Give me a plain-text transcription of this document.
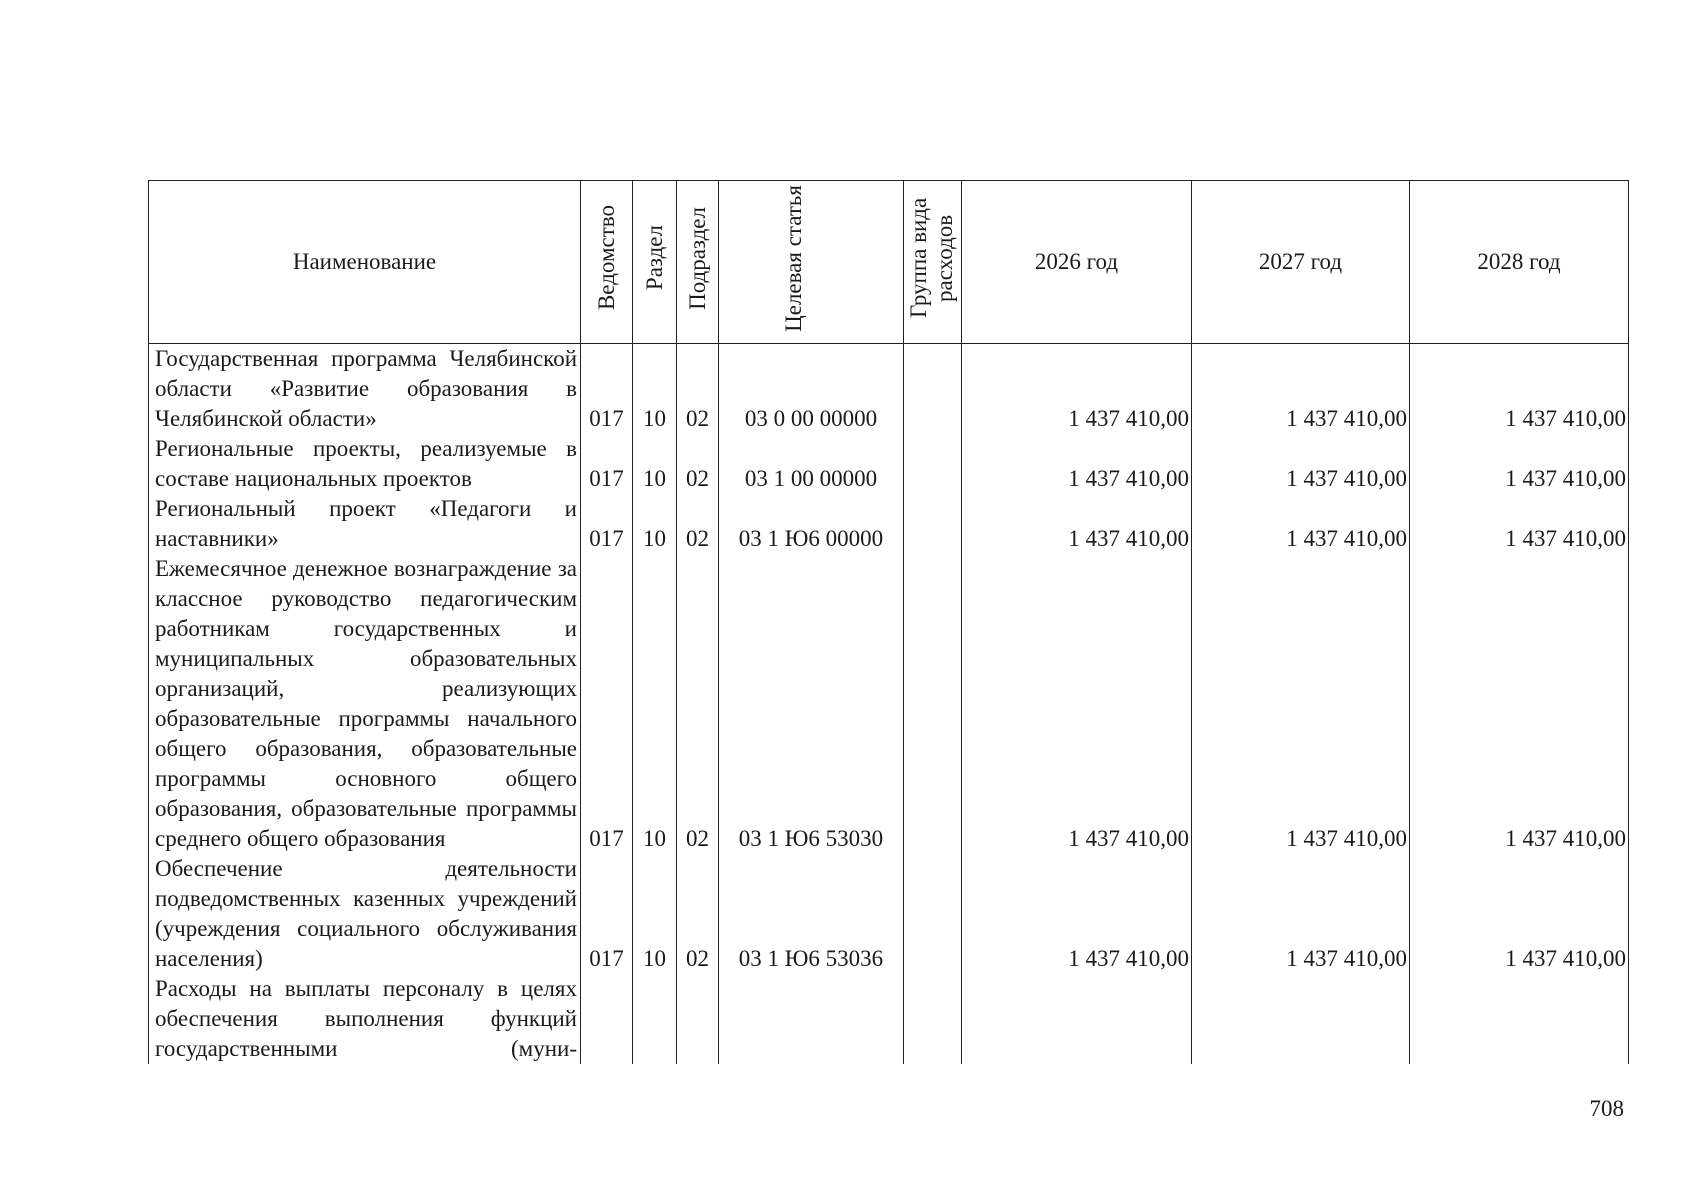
Наименование	Ведомство	Раздел	Подраздел	Целевая статья	Группа вида расходов	2026 год	2027 год	2028 год
Государственная программа Челябинской области «Развитие образования в Челябинской области»	017	10	02	03 0 00 00000		1 437 410,00	1 437 410,00	1 437 410,00
Региональные проекты, реализуемые в составе национальных проектов	017	10	02	03 1 00 00000		1 437 410,00	1 437 410,00	1 437 410,00
Региональный проект «Педагоги и наставники»	017	10	02	03 1 Ю6 00000		1 437 410,00	1 437 410,00	1 437 410,00
Ежемесячное денежное вознаграждение за классное руководство педагогическим работникам государственных и муниципальных образовательных организаций, реализующих образовательные программы начального общего образования, образовательные программы основного общего образования, образовательные программы среднего общего образования	017	10	02	03 1 Ю6 53030		1 437 410,00	1 437 410,00	1 437 410,00
Обеспечение деятельности подведомственных казенных учреждений (учреждения социального обслуживания населения)	017	10	02	03 1 Ю6 53036		1 437 410,00	1 437 410,00	1 437 410,00
Расходы на выплаты персоналу в целях обеспечения выполнения функций государственными (муни-								
708
